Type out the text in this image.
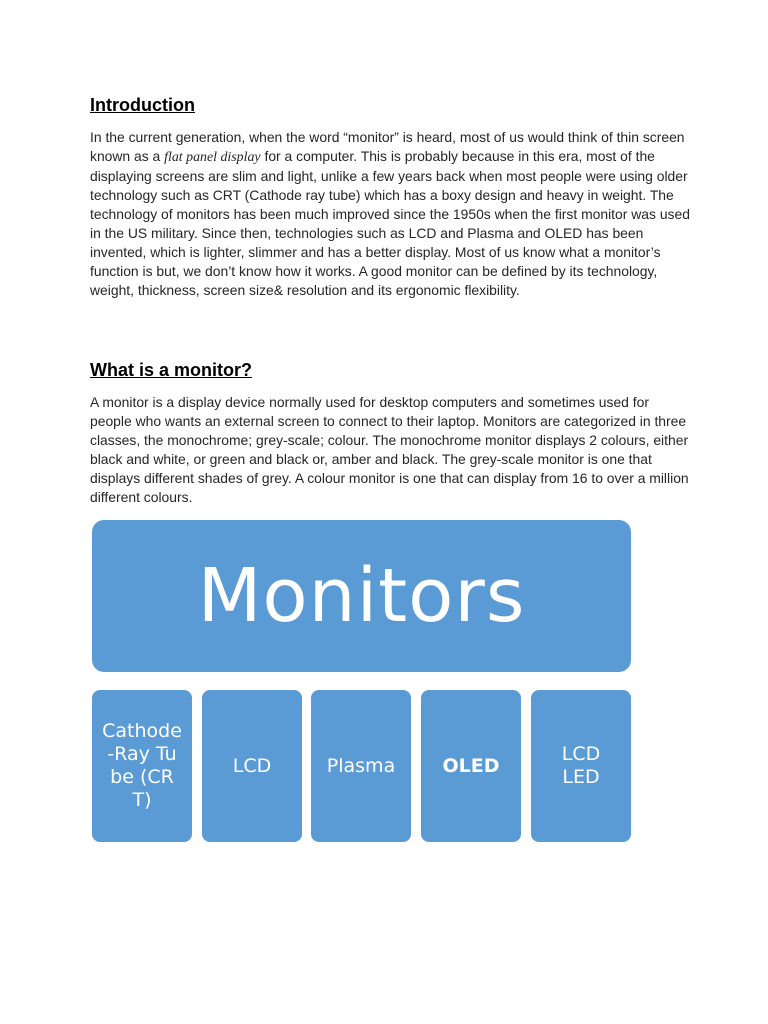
Introduction

In the current generation, when the word “monitor” is heard, most of us would think of thin screen known as a flat panel display for a computer. This is probably because in this era, most of the displaying screens are slim and light, unlike a few years back when most people were using older technology such as CRT (Cathode ray tube) which has a boxy design and heavy in weight. The technology of monitors has been much improved since the 1950s when the first monitor was used in the US military. Since then, technologies such as LCD and Plasma and OLED has been invented, which is lighter, slimmer and has a better display. Most of us know what a monitor’s function is but, we don’t know how it works. A good monitor can be defined by its technology, weight, thickness, screen size& resolution and its ergonomic flexibility.

What is a monitor?

A monitor is a display device normally used for desktop computers and sometimes used for people who wants an external screen to connect to their laptop. Monitors are categorized in three classes, the monochrome; grey-scale; colour. The monochrome monitor displays 2 colours, either black and white, or green and black or, amber and black. The grey-scale monitor is one that displays different shades of grey. A colour monitor is one that can display from 16 to over a million different colours.

Monitors
Cathode-Ray Tube (CRT)
LCD	Plasma OLED
LCD LED
